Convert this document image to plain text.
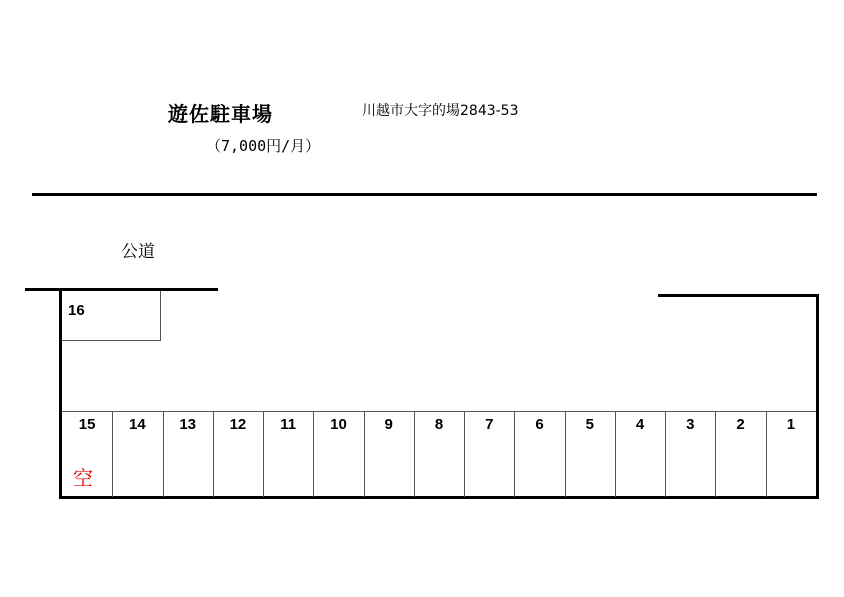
遊佐駐車場
（7,000円/月）
川越市大字的場2843-53
公道
16
15	14	13	12	11	10	9	8	7	6	5	4	3	2	1
空
